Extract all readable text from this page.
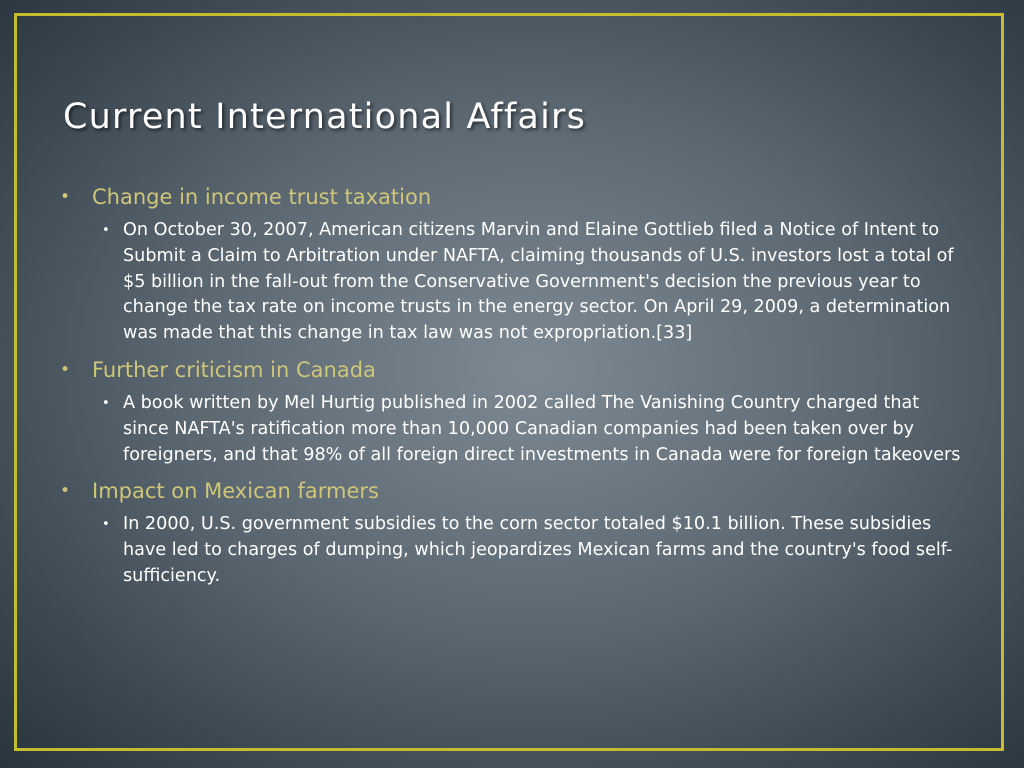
Current International Affairs
• Change in income trust taxation
• On October 30, 2007, American citizens Marvin and Elaine Gottlieb filed a Notice of Intent to Submit a Claim to Arbitration under NAFTA, claiming thousands of U.S. investors lost a total of $5 billion in the fall-out from the Conservative Government's decision the previous year to change the tax rate on income trusts in the energy sector. On April 29, 2009, a determination was made that this change in tax law was not expropriation.[33]
• Further criticism in Canada
• A book written by Mel Hurtig published in 2002 called The Vanishing Country charged that since NAFTA's ratification more than 10,000 Canadian companies had been taken over by foreigners, and that 98% of all foreign direct investments in Canada were for foreign takeovers
• Impact on Mexican farmers
• In 2000, U.S. government subsidies to the corn sector totaled $10.1 billion. These subsidies have led to charges of dumping, which jeopardizes Mexican farms and the country's food self-sufficiency.
